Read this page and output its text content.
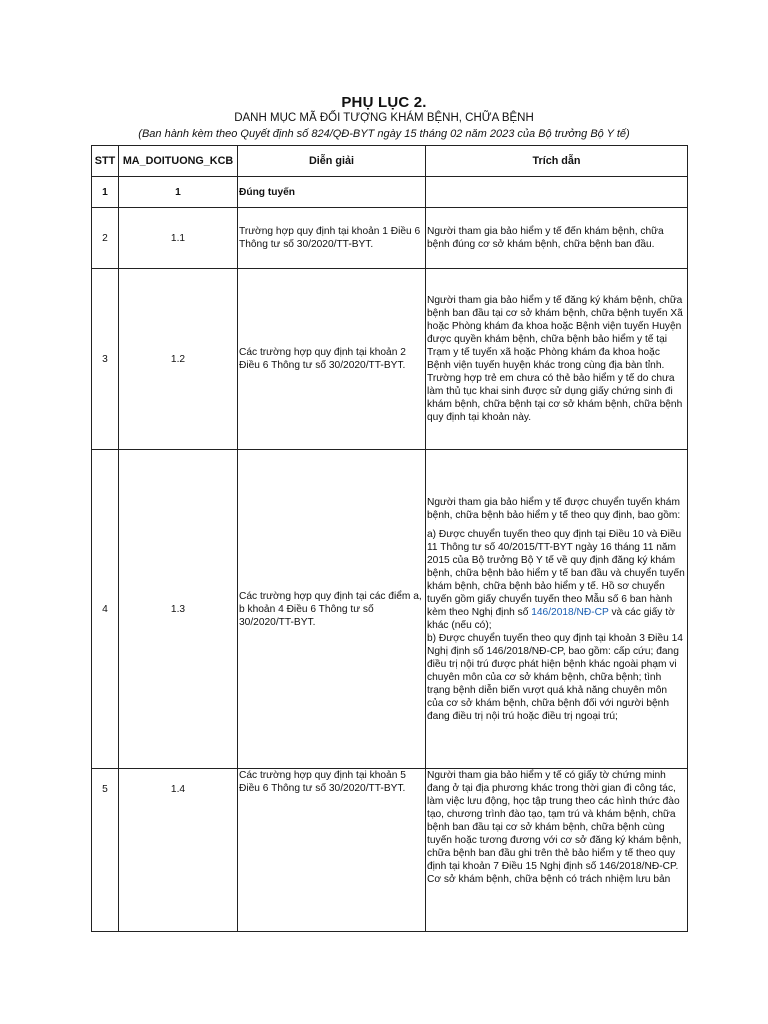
PHỤ LỤC 2.
DANH MỤC MÃ ĐỐI TƯỢNG KHÁM BỆNH, CHỮA BỆNH
(Ban hành kèm theo Quyết định số 824/QĐ-BYT ngày 15 tháng 02 năm 2023 của Bộ trưởng Bộ Y tế)
STT	MA_DOITUONG_KCB	Diễn giải	Trích dẫn
1	1	Đúng tuyến	
2	1.1	Trường hợp quy định tại khoản 1 Điều 6 Thông tư số 30/2020/TT-BYT.	Người tham gia bảo hiểm y tế đến khám bệnh, chữa bệnh đúng cơ sở khám bệnh, chữa bệnh ban đầu.
3	1.2	Các trường hợp quy định tại khoản 2 Điều 6 Thông tư số 30/2020/TT-BYT.	Người tham gia bảo hiểm y tế đăng ký khám bệnh, chữa bệnh ban đầu tại cơ sở khám bệnh, chữa bệnh tuyến Xã hoặc Phòng khám đa khoa hoặc Bệnh viện tuyến Huyện được quyền khám bệnh, chữa bệnh bảo hiểm y tế tại Trạm y tế tuyến xã hoặc Phòng khám đa khoa hoặc Bệnh viện tuyến huyện khác trong cùng địa bàn tỉnh. Trường hợp trẻ em chưa có thẻ bảo hiểm y tế do chưa làm thủ tục khai sinh được sử dụng giấy chứng sinh đi khám bệnh, chữa bệnh tại cơ sở khám bệnh, chữa bệnh quy định tại khoản này.
4	1.3	Các trường hợp quy định tại các điểm a, b khoản 4 Điều 6 Thông tư số 30/2020/TT-BYT.	Người tham gia bảo hiểm y tế được chuyển tuyến khám bệnh, chữa bệnh bảo hiểm y tế theo quy định, bao gồm:
a) Được chuyển tuyến theo quy định tại Điều 10 và Điều 11 Thông tư số 40/2015/TT-BYT ngày 16 tháng 11 năm 2015 của Bộ trưởng Bộ Y tế về quy định đăng ký khám bệnh, chữa bệnh bảo hiểm y tế ban đầu và chuyển tuyến khám bệnh, chữa bệnh bảo hiểm y tế. Hồ sơ chuyển tuyến gồm giấy chuyển tuyến theo Mẫu số 6 ban hành kèm theo Nghị định số 146/2018/NĐ-CP và các giấy tờ khác (nếu có);
b) Được chuyển tuyến theo quy định tại khoản 3 Điều 14 Nghị định số 146/2018/NĐ-CP, bao gồm: cấp cứu; đang điều trị nội trú được phát hiện bệnh khác ngoài phạm vi chuyên môn của cơ sở khám bệnh, chữa bệnh; tình trạng bệnh diễn biến vượt quá khả năng chuyên môn của cơ sở khám bệnh, chữa bệnh đối với người bệnh đang điều trị nội trú hoặc điều trị ngoại trú;

5	1.4	Các trường hợp quy định tại khoản 5 Điều 6 Thông tư số 30/2020/TT-BYT.	Người tham gia bảo hiểm y tế có giấy tờ chứng minh đang ở tại địa phương khác trong thời gian đi công tác, làm việc lưu động, học tập trung theo các hình thức đào tạo, chương trình đào tạo, tạm trú và khám bệnh, chữa bệnh ban đầu tại cơ sở khám bệnh, chữa bệnh cùng tuyến hoặc tương đương với cơ sở đăng ký khám bệnh, chữa bệnh ban đầu ghi trên thẻ bảo hiểm y tế theo quy định tại khoản 7 Điều 15 Nghị định số 146/2018/NĐ-CP. Cơ sở khám bệnh, chữa bệnh có trách nhiệm lưu bản
